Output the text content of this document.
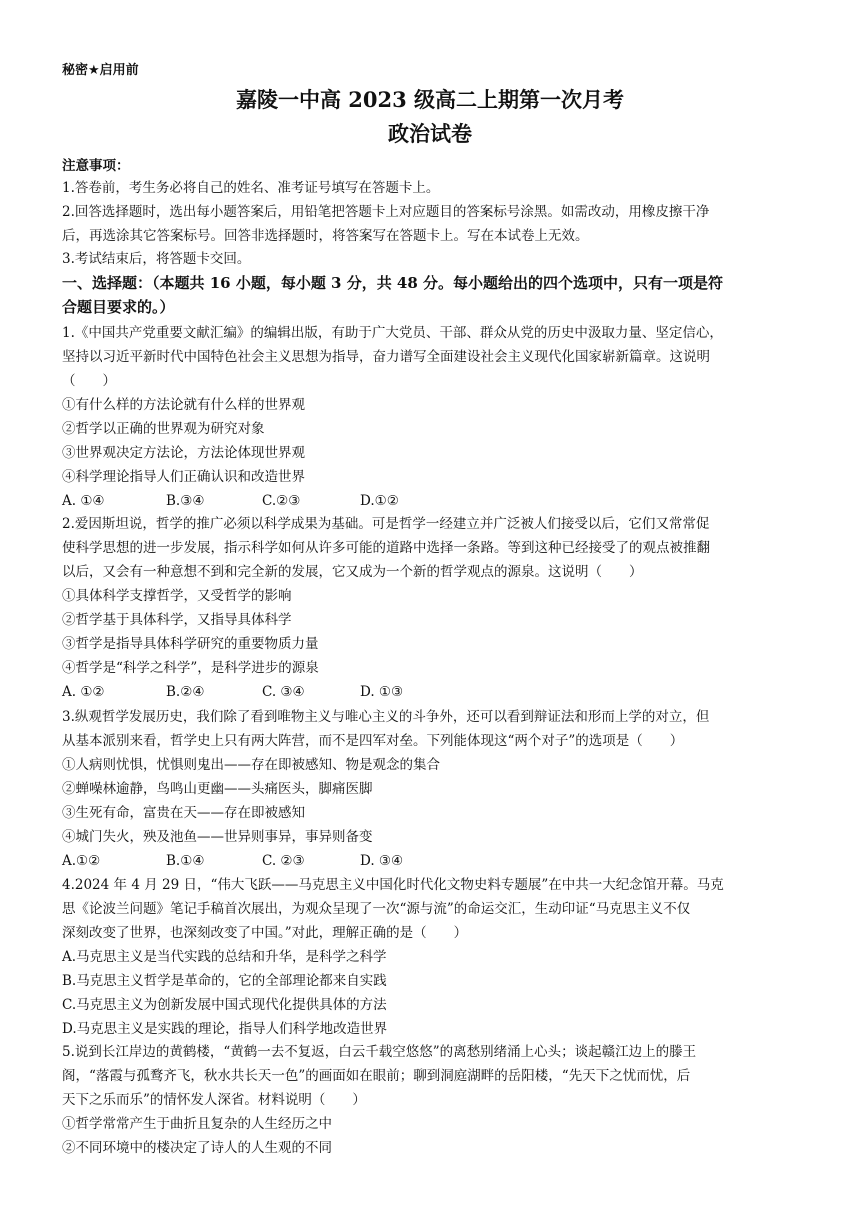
秘密★启用前
嘉陵一中高 2023 级高二上期第一次月考
政治试卷
注意事项：
1.答卷前，考生务必将自己的姓名、准考证号填写在答题卡上。
2.回答选择题时，选出每小题答案后，用铅笔把答题卡上对应题目的答案标号涂黑。如需改动，用橡皮擦干净
后，再选涂其它答案标号。回答非选择题时，将答案写在答题卡上。写在本试卷上无效。
3.考试结束后，将答题卡交回。
一、选择题：（本题共 16 小题，每小题 3 分，共 48 分。每小题给出的四个选项中，只有一项是符
合题目要求的。）
1.《中国共产党重要文献汇编》的编辑出版，有助于广大党员、干部、群众从党的历史中汲取力量、坚定信心，
坚持以习近平新时代中国特色社会主义思想为指导，奋力谱写全面建设社会主义现代化国家崭新篇章。这说明
（　　）
①有什么样的方法论就有什么样的世界观
②哲学以正确的世界观为研究对象
③世界观决定方法论，方法论体现世界观
④科学理论指导人们正确认识和改造世界
A. ①④	B.③④	C.②③	D.①②
2.爱因斯坦说，哲学的推广必须以科学成果为基础。可是哲学一经建立并广泛被人们接受以后，它们又常常促
使科学思想的进一步发展，指示科学如何从许多可能的道路中选择一条路。等到这种已经接受了的观点被推翻
以后，又会有一种意想不到和完全新的发展，它又成为一个新的哲学观点的源泉。这说明（　　）
①具体科学支撑哲学，又受哲学的影响
②哲学基于具体科学，又指导具体科学
③哲学是指导具体科学研究的重要物质力量
④哲学是“科学之科学”，是科学进步的源泉
A. ①②	B.②④	C. ③④	D. ①③
3.纵观哲学发展历史，我们除了看到唯物主义与唯心主义的斗争外，还可以看到辩证法和形而上学的对立，但
从基本派别来看，哲学史上只有两大阵营，而不是四军对垒。下列能体现这“两个对子”的选项是（　　）
①人病则忧惧，忧惧则鬼出——存在即被感知、物是观念的集合
②蝉噪林逾静，鸟鸣山更幽——头痛医头，脚痛医脚
③生死有命，富贵在天——存在即被感知
④城门失火，殃及池鱼——世异则事异，事异则备变
A.①②	B.①④	C. ②③	D. ③④
4.2024 年 4 月 29 日，“伟大飞跃——马克思主义中国化时代化文物史料专题展”在中共一大纪念馆开幕。马克
思《论波兰问题》笔记手稿首次展出，为观众呈现了一次“源与流”的命运交汇，生动印证“马克思主义不仅
深刻改变了世界，也深刻改变了中国。”对此，理解正确的是（　　）
A.马克思主义是当代实践的总结和升华，是科学之科学
B.马克思主义哲学是革命的，它的全部理论都来自实践
C.马克思主义为创新发展中国式现代化提供具体的方法
D.马克思主义是实践的理论，指导人们科学地改造世界
5.说到长江岸边的黄鹤楼，“黄鹤一去不复返，白云千载空悠悠”的离愁别绪涌上心头；谈起赣江边上的滕王
阁，“落霞与孤鹜齐飞，秋水共长天一色”的画面如在眼前；聊到洞庭湖畔的岳阳楼，“先天下之忧而忧，后
天下之乐而乐”的情怀发人深省。材料说明（　　）
①哲学常常产生于曲折且复杂的人生经历之中
②不同环境中的楼决定了诗人的人生观的不同
